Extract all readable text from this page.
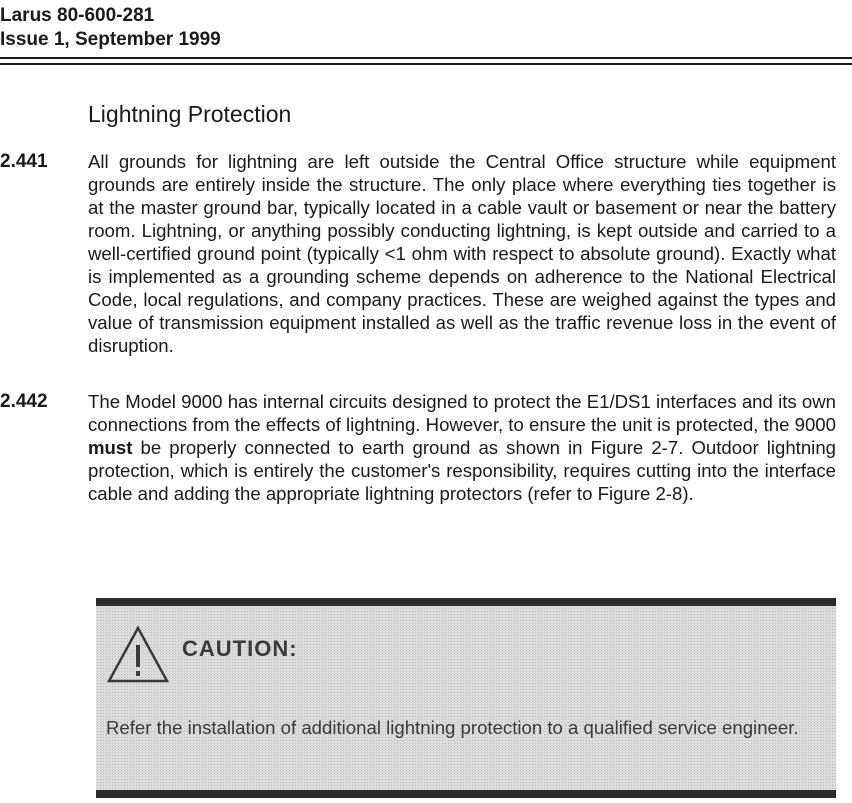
Larus 80-600-281
Issue 1, September 1999
Lightning Protection
2.441 All grounds for lightning are left outside the Central Office structure while equipment grounds are entirely inside the structure. The only place where everything ties together is at the master ground bar, typically located in a cable vault or basement or near the battery room. Lightning, or anything possibly conducting lightning, is kept outside and carried to a well-certified ground point (typically <1 ohm with respect to absolute ground). Exactly what is implemented as a grounding scheme depends on adherence to the National Electrical Code, local regulations, and company practices. These are weighed against the types and value of transmission equipment installed as well as the traffic revenue loss in the event of disruption.
2.442 The Model 9000 has internal circuits designed to protect the E1/DS1 interfaces and its own connections from the effects of lightning. However, to ensure the unit is protected, the 9000 must be properly connected to earth ground as shown in Figure 2-7. Outdoor lightning protection, which is entirely the customer's responsibility, requires cutting into the interface cable and adding the appropriate lightning protectors (refer to Figure 2-8).
CAUTION:
Refer the installation of additional lightning protection to a qualified service engineer.
